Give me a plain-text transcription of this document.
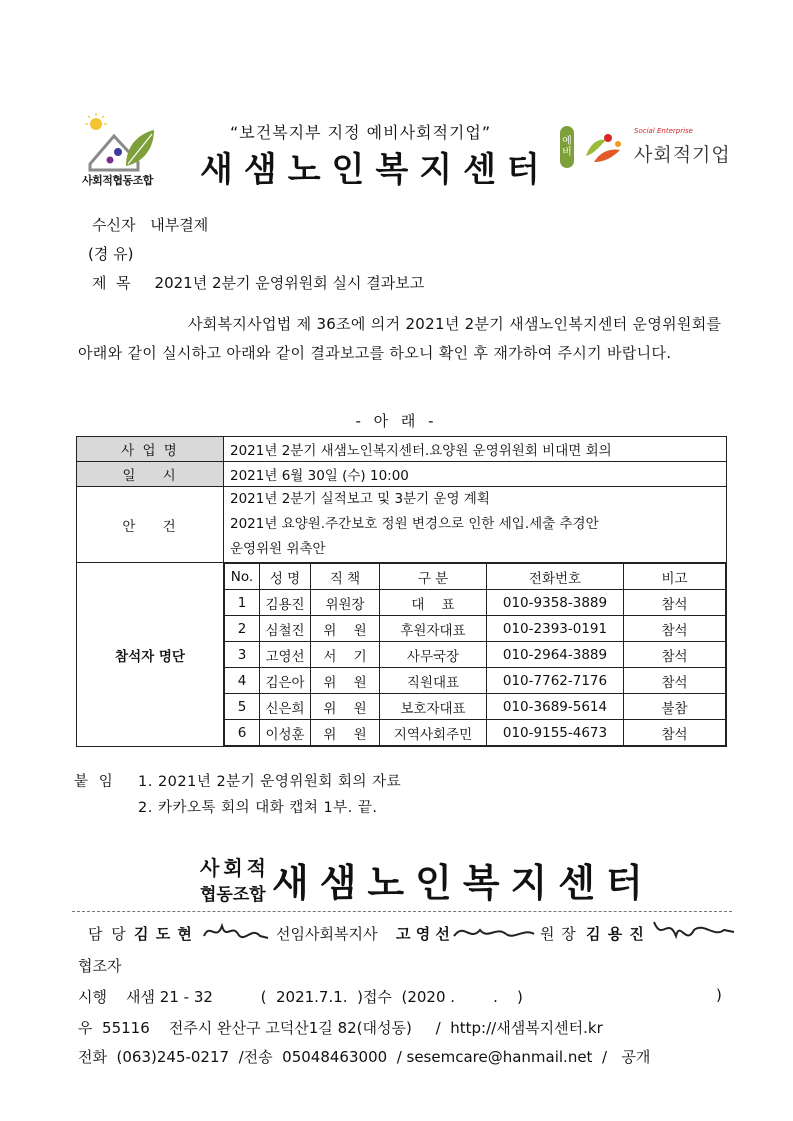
사회적협동조합
“보건복지부 지정 예비사회적기업”
새샘노인복지센터
예비
Social Enterprise
사회적기업
수신자 내부결제
(경 유)
제  목 2021년 2분기 운영위원회 실시 결과보고
사회복지사업법 제 36조에 의거 2021년 2분기 새샘노인복지센터 운영위원회를 아래와 같이 실시하고 아래와 같이 결과보고를 하오니 확인 후 재가하여 주시기 바랍니다.
- 아 래 -
사 업 명	2021년 2분기 새샘노인복지센터.요양원 운영위원회 비대면 회의
일    시	2021년 6월 30일 (수) 10:00
안    건	
2021년 2분기 실적보고 및 3분기 운영 계획
2021년 요양원.주간보호 정원 변경으로 인한 세입.세출 추경안
운영위원 위촉안

참석자 명단	
No.	성 명	직 책	구 분	전화번호	비고
1	김용진	위원장	대    표	010-9358-3889	참석
2	심철진	위    원	후원자대표	010-2393-0191	참석
3	고영선	서    기	사무국장	010-2964-3889	참석
4	김은아	위    원	직원대표	010-7762-7176	참석
5	신은희	위    원	보호자대표	010-3689-5614	불참
6	이성훈	위    원	지역사회주민	010-9155-4673	참석
붙  임 1. 2021년 2분기 운영위원회 회의 자료
2. 카카오톡 회의 대화 캡쳐 1부. 끝.
사회적
협동조합 새샘노인복지센터
담 당 김 도 현	선임사회복지사 고 영 선	원 장 김 용 진
협조자
시행    새샘 21 - 32          (  2021.7.1.  )접수  (2020 .        .    )	)
우  55116    전주시 완산구 고덕산1길 82(대성동)     /  http://새샘복지센터.kr
전화  (063)245-0217  /전송  05048463000  / sesemcare@hanmail.net  /   공개
